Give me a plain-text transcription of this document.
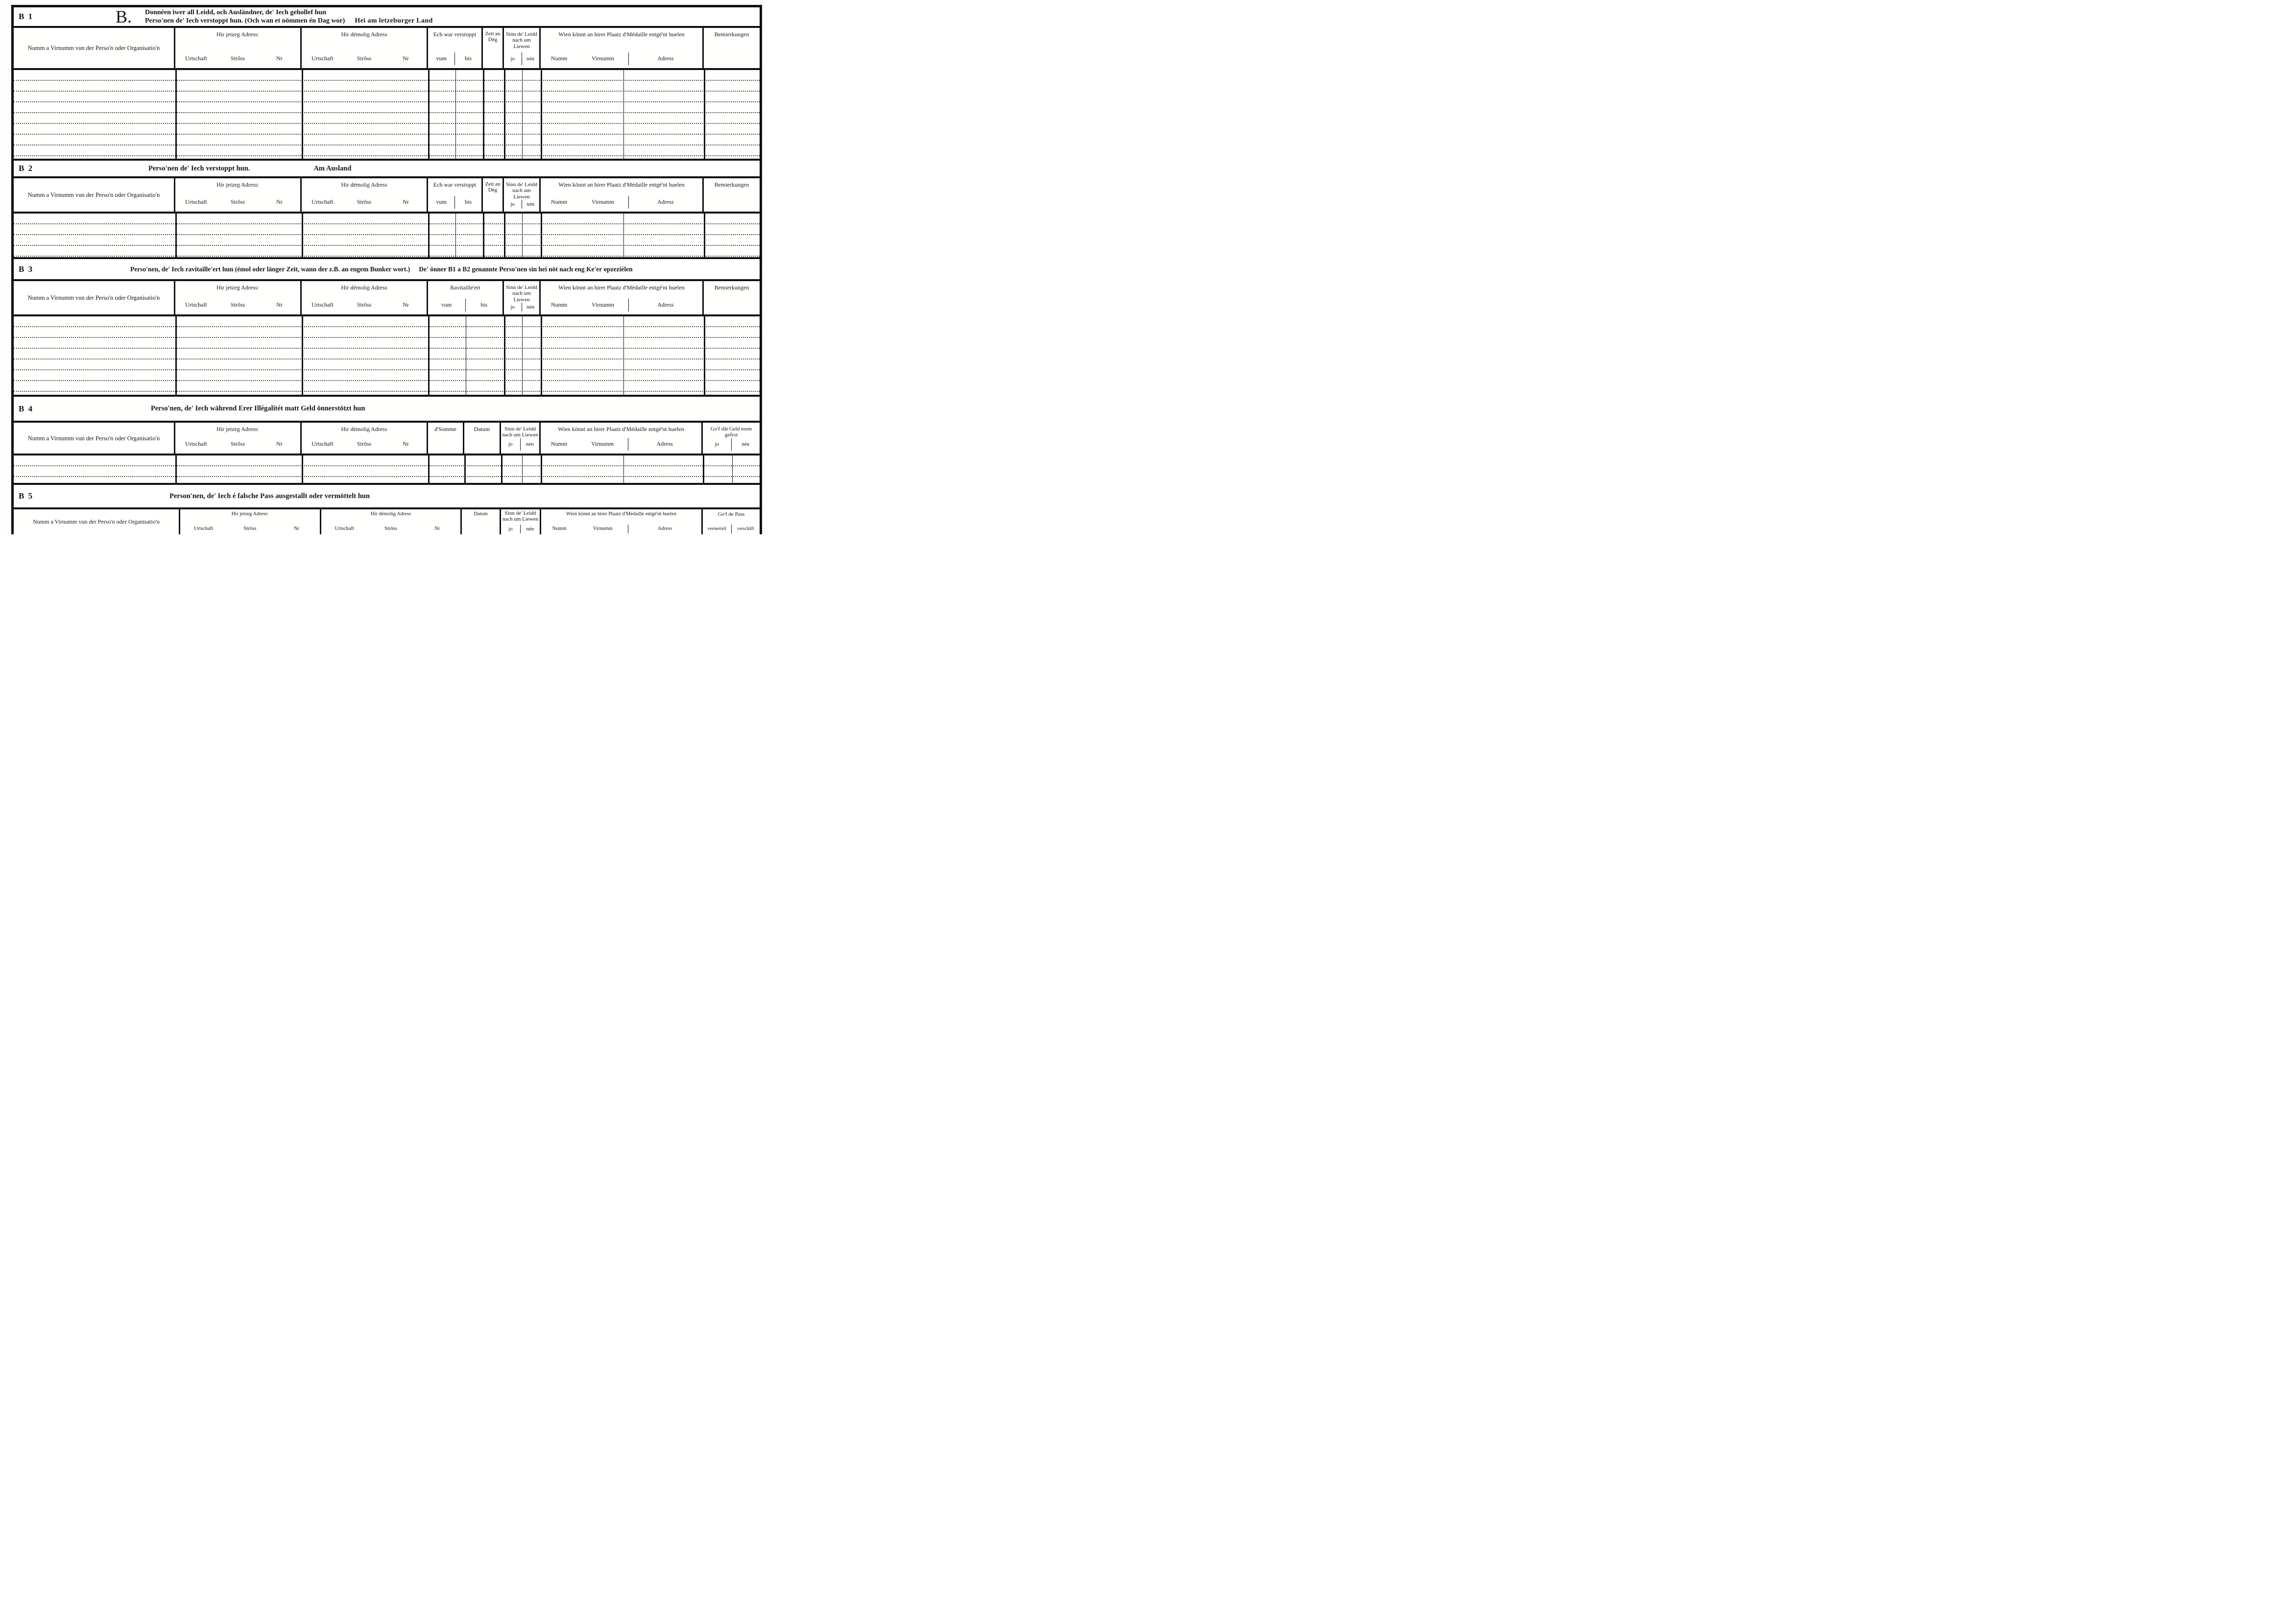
B 1	B.	Donnéen iwer all Leidd, och Ausländner, de' Iech gehollef hun
Perso'nen de' Iech verstoppt hun. (Och wan et nömmen én Dag wor) Hei am letzeburger Land
Numm a Virnumm vun der Perso'n oder Organisatio'n
Hir jetzeg Adress:
Urtschaft	Strôss	Nr
Hir démolig Adress
Urtschaft	Strôss	Nr
Ech war verstoppt
vum	bis
Zeit an Dég
Sinn de' Leidd nach um Liewen
jo	nén
Wien könnt an hirer Plaatz d'Médaille entgé'nt huelen
Numm	Virnumm	Adress
Bemierkungen
B 2	Perso'nen de' Iech verstoppt hun.	Am Ausland
Numm a Virnumm vun der Perso'n oder Organisatio'n
Hir jetzeg Adress:
Urtschaft	Strôss	Nr
Hir démolig Adress
Urtschaft	Strôss	Nr
Ech war verstoppt
vum	bis
Zeit an Dég
Sinn de' Leidd nach um Liewen
jo	nén
Wien könnt an hirer Plaatz d'Médaille entgé'nt huelen
Numm	Virnumm	Adress
Bemierkungen
B 3	Perso'nen, de' Iech ravitaille'ert hun (émol oder länger Zeit, wann der z.B. an engem Bunker wort.) De' önner B1 a B2 genannte Perso'nen sin hei nöt nach eng Ke'er opzeziélen
Numm a Virnumm vun der Perso'n oder Organisatio'n
Hir jetzeg Adress:
Urtschaft	Strôss	Nr
Hir démolig Adress
Urtschaft	Strôss	Nr
Ravitaille'ert
vum	bis
Sinn de' Leidd nach um Liewen
jo	nén
Wien könnt an hirer Plaatz d'Médaille entgé'nt huelen
Numm	Virnumm	Adress
Bemierkungen
B 4	Perso'nen, de' Iech während Erer Illégalitét matt Geld önnerstötzt hun
Numm a Virnumm vun der Perso'n oder Organisatio'n
Hir jetzeg Adress:
Urtschaft	Strôss	Nr
Hir démolig Adress
Urtschaft	Strôss	Nr
d'Somme	Datum	Sinn de' Leidd nach um Liewen
jo	nén
Wien könnt an hirer Plaatz d'Médaille entgé'nt huelen
Numm	Virnumm	Adress
Go'f dât Geld erem gefrot
jo	nén
B 5	Person'nen, de' Iech é falsche Pass ausgestallt oder vermöttelt hun
Numm a Virnumm vun der Perso'n oder Organisatio'n
Hir jetzeg Adress:
Urtschaft	Strôss	Nr
Hir démolig Adress
Urtschaft	Strôss	Nr
Datum	Sinn de' Leidd nach um Liewen
jo	nén
Wien könnt an hirer Plaatz d'Médaille entgé'nt huelen
Numm	Virnumm	Adress
Go'f de Pass
vermettelt	verschâft
